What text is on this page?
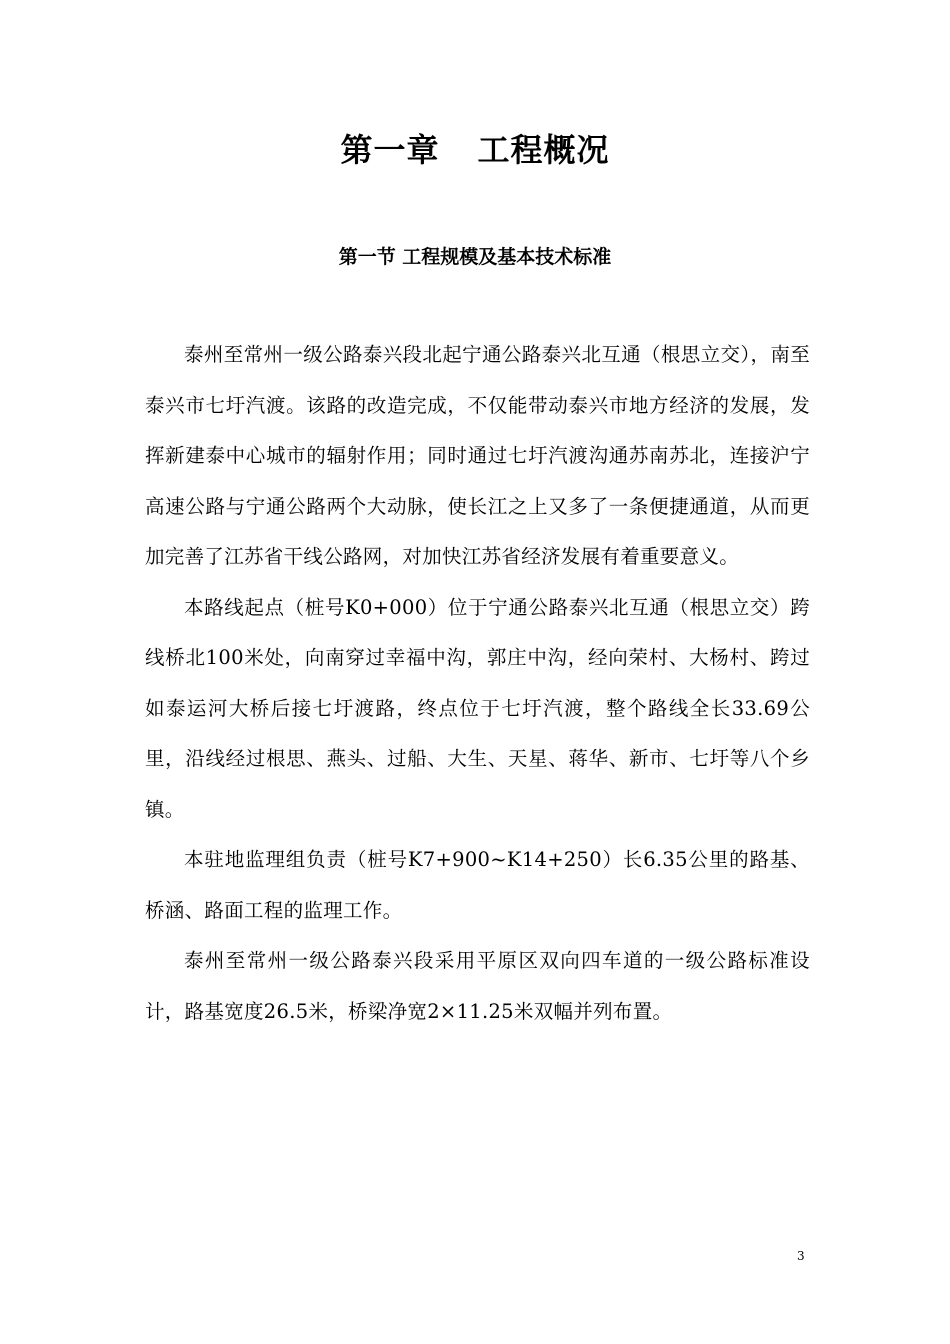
第一章 工程概况
第一节 工程规模及基本技术标准

泰州至常州一级公路泰兴段北起宁通公路泰兴北互通（根思立交），南至泰兴市七圩汽渡。该路的改造完成，不仅能带动泰兴市地方经济的发展，发挥新建泰中心城市的辐射作用；同时通过七圩汽渡沟通苏南苏北，连接沪宁高速公路与宁通公路两个大动脉，使长江之上又多了一条便捷通道，从而更加完善了江苏省干线公路网，对加快江苏省经济发展有着重要意义。

本路线起点（桩号K0+000）位于宁通公路泰兴北互通（根思立交）跨线桥北100米处，向南穿过幸福中沟，郭庄中沟，经向荣村、大杨村、跨过如泰运河大桥后接七圩渡路，终点位于七圩汽渡，整个路线全长33.69公里，沿线经过根思、燕头、过船、大生、天星、蒋华、新市、七圩等八个乡镇。

本驻地监理组负责（桩号K7+900~K14+250）长6.35公里的路基、桥涵、路面工程的监理工作。

泰州至常州一级公路泰兴段采用平原区双向四车道的一级公路标准设计，路基宽度26.5米，桥梁净宽2×11.25米双幅并列布置。

3
